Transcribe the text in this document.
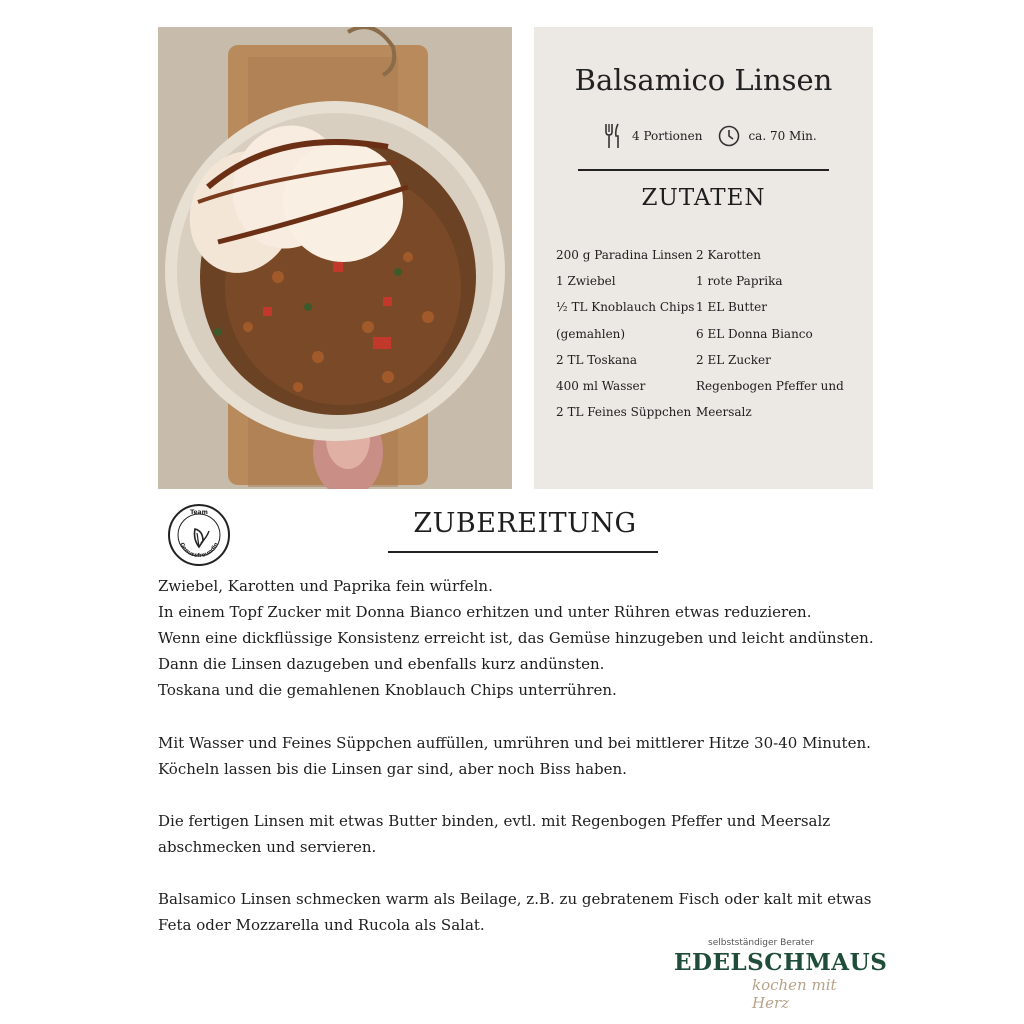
Balsamico Linsen
4 Portionen	ca. 70 Min.
ZUTATEN
200 g Paradina Linsen
1 Zwiebel
½ TL Knoblauch Chips
(gemahlen)
2 TL Toskana
400 ml Wasser
2 TL Feines Süppchen
2 Karotten
1 rote Paprika
1 EL Butter
6 EL Donna Bianco
2 EL Zucker
Regenbogen Pfeffer und
Meersalz
Team
Genussfreundin
ZUBEREITUNG

Zwiebel, Karotten und Paprika fein würfeln.

In einem Topf Zucker mit Donna Bianco erhitzen und unter Rühren etwas reduzieren.

Wenn eine dickflüssige Konsistenz erreicht ist, das Gemüse hinzugeben und leicht andünsten.

Dann die Linsen dazugeben und ebenfalls kurz andünsten.

Toskana und die gemahlenen Knoblauch Chips unterrühren.

Mit Wasser und Feines Süppchen auffüllen, umrühren und bei mittlerer Hitze 30-40 Minuten.

Köcheln lassen bis die Linsen gar sind, aber noch Biss haben.

Die fertigen Linsen mit etwas Butter binden, evtl. mit Regenbogen Pfeffer und Meersalz

abschmecken und servieren.

Balsamico Linsen schmecken warm als Beilage, z.B. zu gebratenem Fisch oder kalt mit etwas

Feta oder Mozzarella und Rucola als Salat.

selbstständiger Berater
EDELSCHMAUS
kochen mit Herz
